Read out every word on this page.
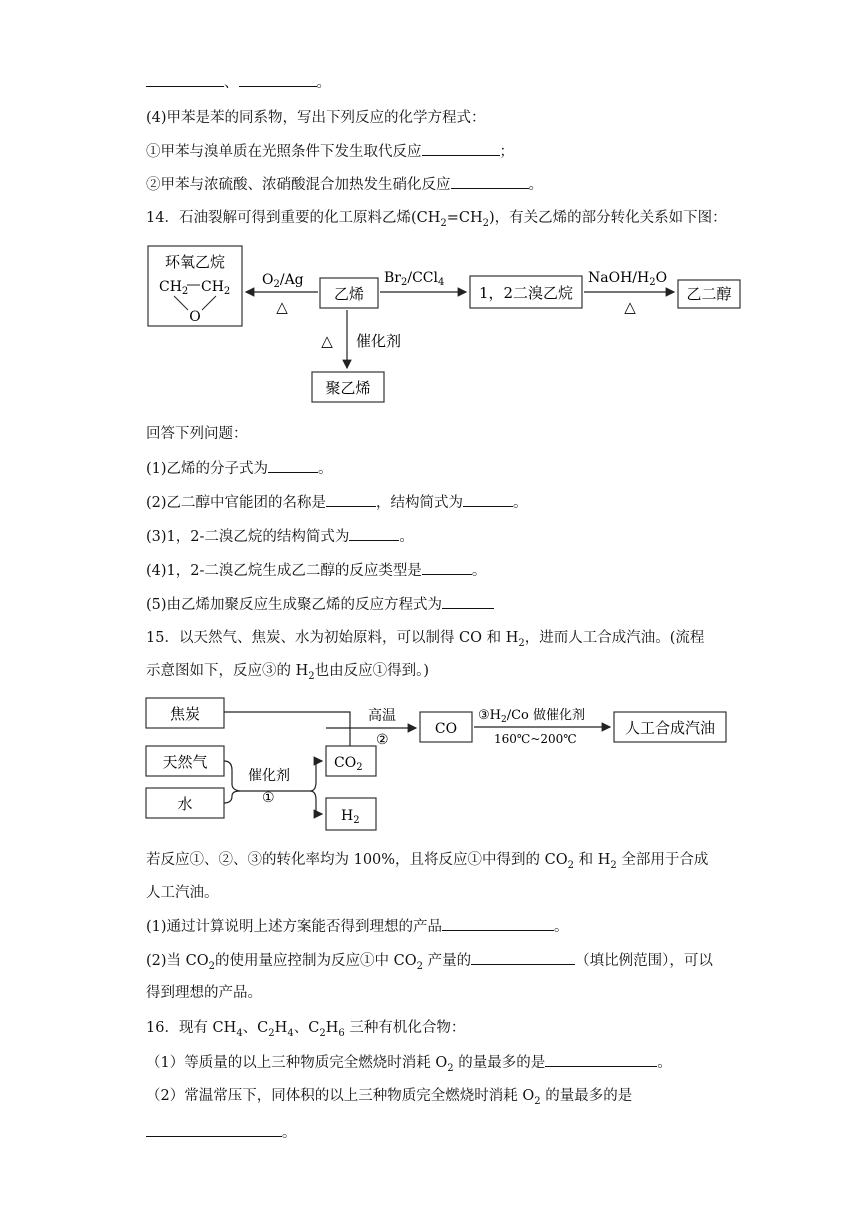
、	。
(4)甲苯是苯的同系物，写出下列反应的化学方程式：
①甲苯与溴单质在光照条件下发生取代反应	；
②甲苯与浓硫酸、浓硝酸混合加热发生硝化反应	。
14．石油裂解可得到重要的化工原料乙烯$(CH_2=CH_2)$，有关乙烯的部分转化关系如下图：
环氧乙烷
$CH_2$ $CH_2$
O
$O_2/Ag$
△
乙烯
$Br_2/CCl_4$
1，2二溴乙烷
NaOH/$H_2O$
△
乙二醇
△ 催化剂
聚乙烯
回答下列问题：
(1)乙烯的分子式为	。
(2)乙二醇中官能团的名称是	，结构简式为	。
(3)1，2-二溴乙烷的结构简式为	。
(4)1，2-二溴乙烷生成乙二醇的反应类型是	。
(5)由乙烯加聚反应生成聚乙烯的反应方程式为
15．以天然气、焦炭、水为初始原料，可以制得 CO 和 $H_2$，进而人工合成汽油。(流程
示意图如下，反应③的 $H_2$也由反应①得到。)
焦炭
天然气
水
高温
②
$CO_2$
催化剂
①
$H_2$
CO
$③H_2/Co$ 做催化剂
160℃~200℃
人工合成汽油
若反应①、②、③的转化率均为 100%，且将反应①中得到的 $CO_2$ 和 $H_2$ 全部用于合成
人工汽油。
(1)通过计算说明上述方案能否得到理想的产品	。
(2)当 $CO_2$的使用量应控制为反应①中 $CO_2$ 产量的	（填比例范围），可以
得到理想的产品。
16．现有 $CH_4$、$C_2H_4$、$C_2H_6$ 三种有机化合物：
（1）等质量的以上三种物质完全燃烧时消耗 $O_2$ 的量最多的是	。
（2）常温常压下，同体积的以上三种物质完全燃烧时消耗 $O_2$ 的量最多的是
。
